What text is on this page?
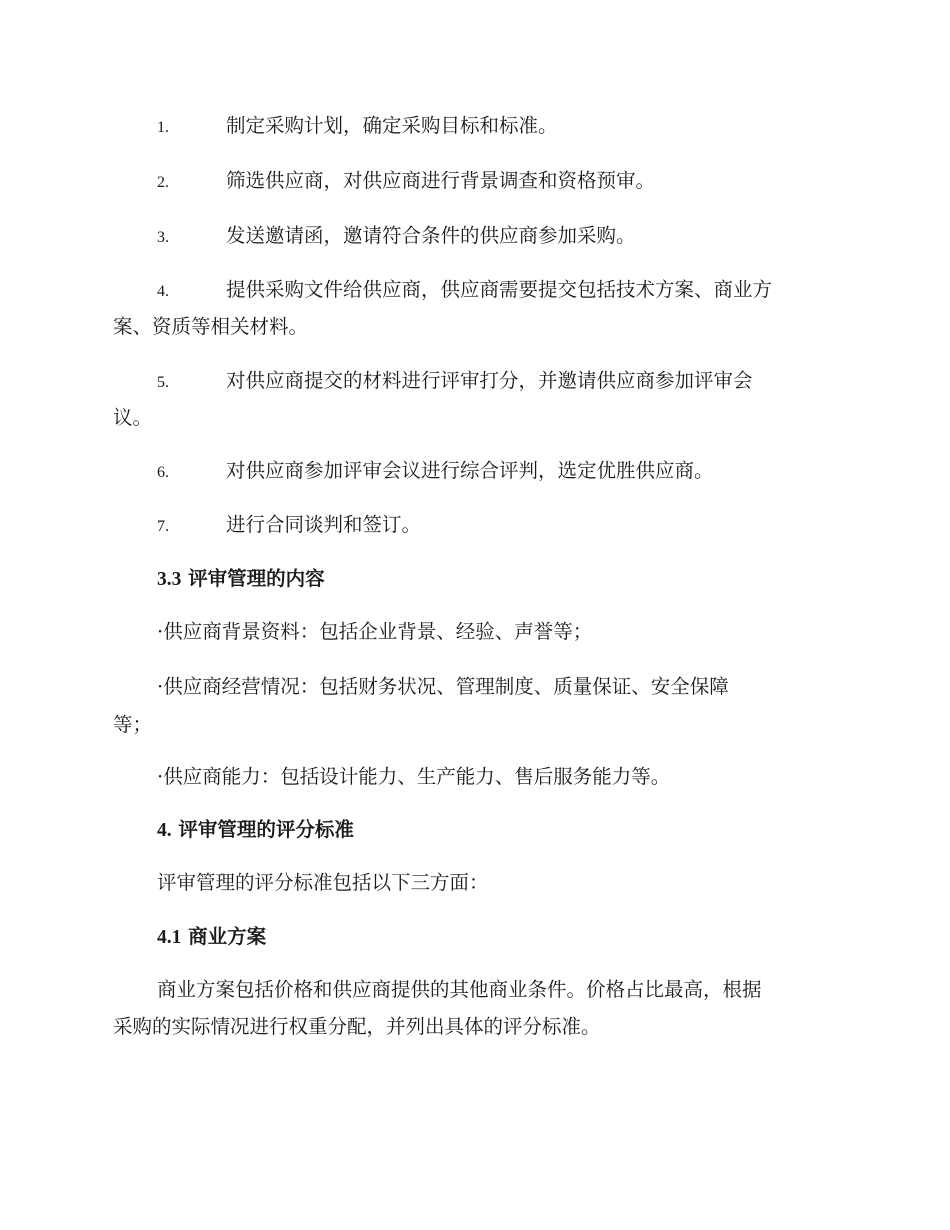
1.	制定采购计划，确定采购目标和标准。
2.	筛选供应商，对供应商进行背景调查和资格预审。
3.	发送邀请函，邀请符合条件的供应商参加采购。
4.	提供采购文件给供应商，供应商需要提交包括技术方案、商业方
案、资质等相关材料。
5.	对供应商提交的材料进行评审打分，并邀请供应商参加评审会
议。
6.	对供应商参加评审会议进行综合评判，选定优胜供应商。
7.	进行合同谈判和签订。
3.3 评审管理的内容
·供应商背景资料：包括企业背景、经验、声誉等；
·供应商经营情况：包括财务状况、管理制度、质量保证、安全保障
等；
·供应商能力：包括设计能力、生产能力、售后服务能力等。
4. 评审管理的评分标准
评审管理的评分标准包括以下三方面：
4.1 商业方案
商业方案包括价格和供应商提供的其他商业条件。价格占比最高，根据
采购的实际情况进行权重分配，并列出具体的评分标准。
